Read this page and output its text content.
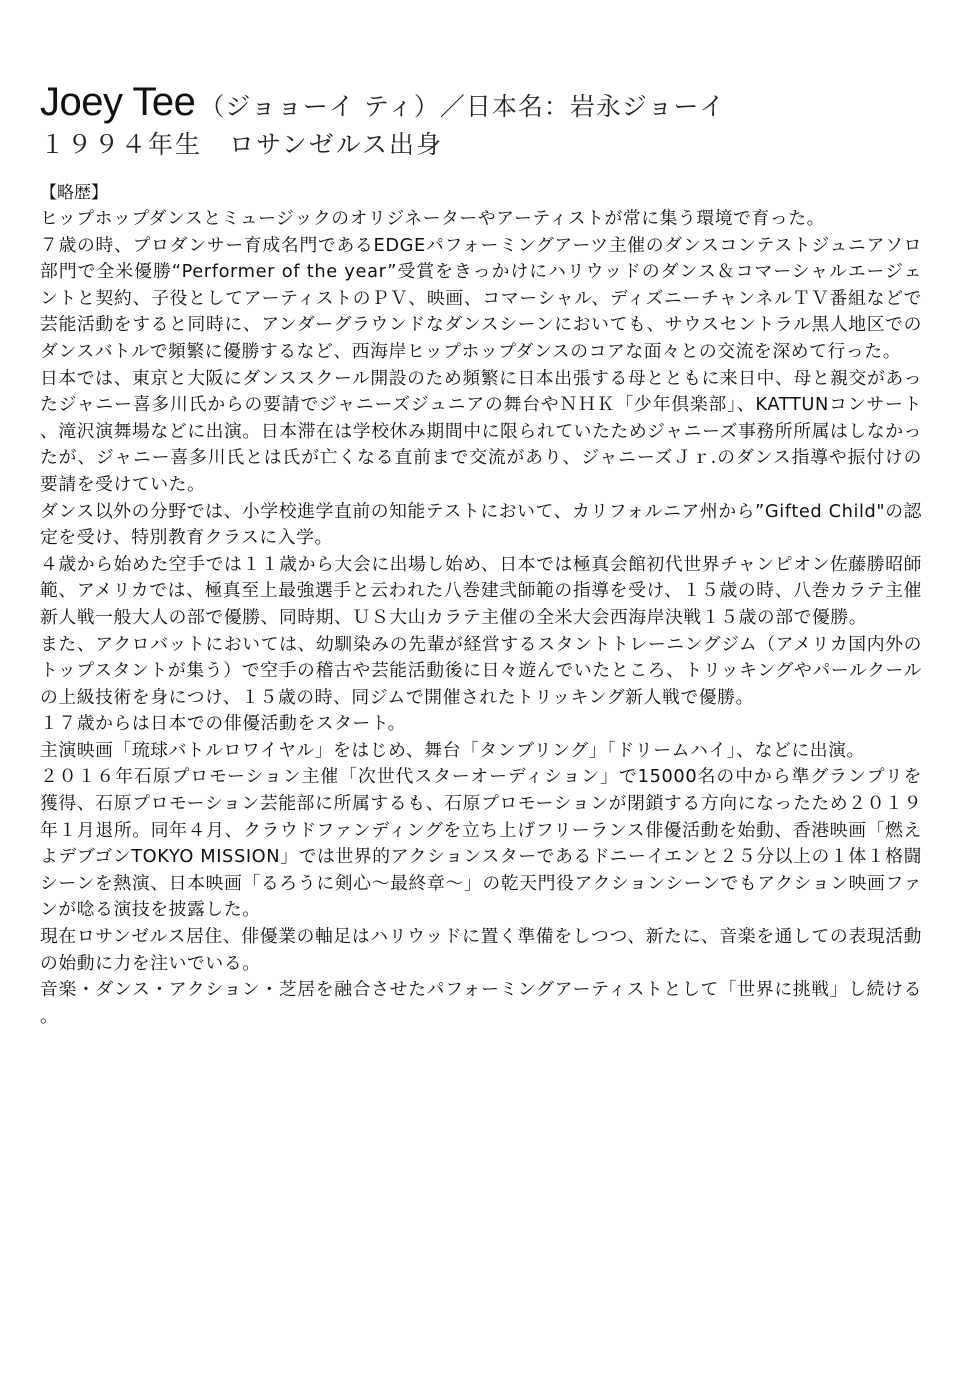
Joey Tee （ジョョーイ ティ）／日本名：岩永ジョーイ
１９９４年生　ロサンゼルス出身

【略歴】

ヒップホップダンスとミュージックのオリジネーターやアーティストが常に集う環境で育った。

７歳の時、プロダンサー育成名門であるEDGEパフォーミングアーツ主催のダンスコンテストジュニアソロ部門で全米優勝“Performer of the year”受賞をきっかけにハリウッドのダンス＆コマーシャルエージェントと契約、子役としてアーティストのＰＶ、映画、コマーシャル、ディズニーチャンネルＴＶ番組などで芸能活動をすると同時に、アンダーグラウンドなダンスシーンにおいても、サウスセントラル黒人地区でのダンスバトルで頻繁に優勝するなど、西海岸ヒップホップダンスのコアな面々との交流を深めて行った。

日本では、東京と大阪にダンススクール開設のため頻繁に日本出張する母とともに来日中、母と親交があったジャニー喜多川氏からの要請でジャニーズジュニアの舞台やＮＨＫ「少年倶楽部」、KATTUNコンサート、滝沢演舞場などに出演。日本滞在は学校休み期間中に限られていたためジャニーズ事務所所属はしなかったが、ジャニー喜多川氏とは氏が亡くなる直前まで交流があり、ジャニーズＪｒ.のダンス指導や振付けの要請を受けていた。

ダンス以外の分野では、小学校進学直前の知能テストにおいて、カリフォルニア州から”Gifted Child"の認定を受け、特別教育クラスに入学。

４歳から始めた空手では１１歳から大会に出場し始め、日本では極真会館初代世界チャンピオン佐藤勝昭師範、アメリカでは、極真至上最強選手と云われた八巻建弐師範の指導を受け、１５歳の時、八巻カラテ主催新人戦一般大人の部で優勝、同時期、ＵＳ大山カラテ主催の全米大会西海岸決戦１５歳の部で優勝。

また、アクロバットにおいては、幼馴染みの先輩が経営するスタントトレーニングジム（アメリカ国内外のトップスタントが集う）で空手の稽古や芸能活動後に日々遊んでいたところ、トリッキングやパールクールの上級技術を身につけ、１５歳の時、同ジムで開催されたトリッキング新人戦で優勝。

１７歳からは日本での俳優活動をスタート。

主演映画「琉球バトルロワイヤル」をはじめ、舞台「タンブリング」「ドリームハイ」、などに出演。

２０１６年石原プロモーション主催「次世代スターオーディション」で15000名の中から準グランプリを獲得、石原プロモーション芸能部に所属するも、石原プロモーションが閉鎖する方向になったため２０１９年１月退所。同年４月、クラウドファンディングを立ち上げフリーランス俳優活動を始動、香港映画「燃えよデブゴンTOKYO MISSION」では世界的アクションスターであるドニーイエンと２５分以上の１体１格闘シーンを熱演、日本映画「るろうに剣心〜最終章〜」の乾天門役アクションシーンでもアクション映画ファンが唸る演技を披露した。

現在ロサンゼルス居住、俳優業の軸足はハリウッドに置く準備をしつつ、新たに、音楽を通しての表現活動の始動に力を注いでいる。

音楽・ダンス・アクション・芝居を融合させたパフォーミングアーティストとして「世界に挑戦」し続ける。
